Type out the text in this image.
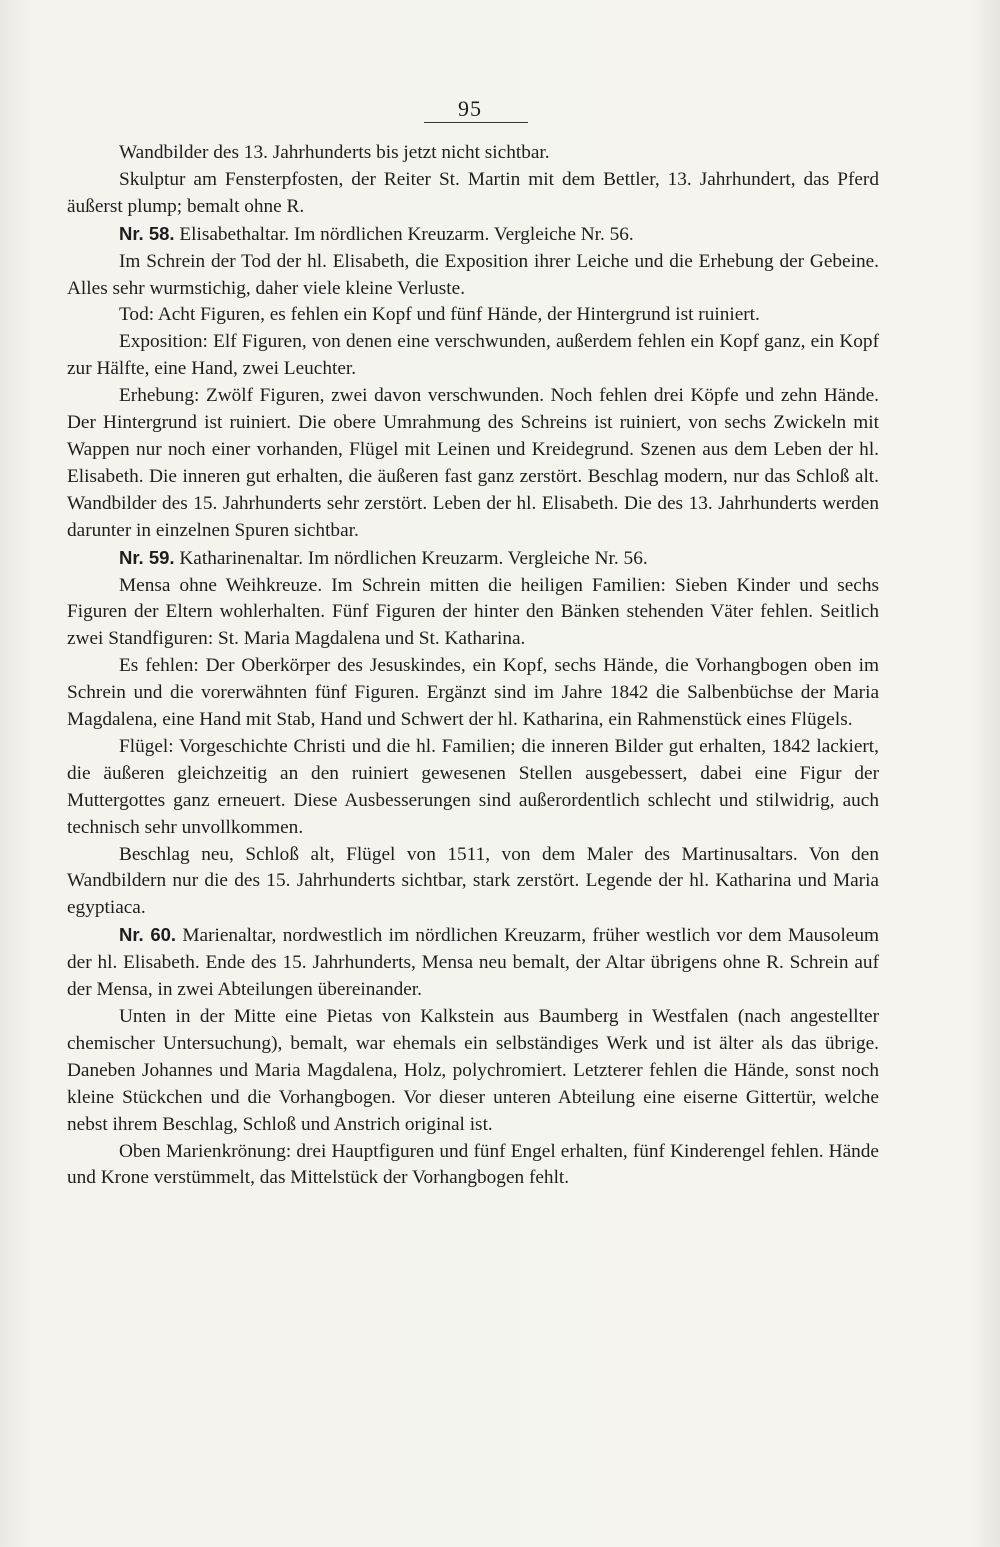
95

Wandbilder des 13. Jahrhunderts bis jetzt nicht sichtbar.

Skulptur am Fensterpfosten, der Reiter St. Martin mit dem Bettler, 13. Jahrhundert, das Pferd äußerst plump; bemalt ohne R.

Nr. 58. Elisabethaltar. Im nördlichen Kreuzarm. Vergleiche Nr. 56.

Im Schrein der Tod der hl. Elisabeth, die Exposition ihrer Leiche und die Erhebung der Gebeine. Alles sehr wurmstichig, daher viele kleine Verluste.

Tod: Acht Figuren, es fehlen ein Kopf und fünf Hände, der Hintergrund ist ruiniert.

Exposition: Elf Figuren, von denen eine verschwunden, außerdem fehlen ein Kopf ganz, ein Kopf zur Hälfte, eine Hand, zwei Leuchter.

Erhebung: Zwölf Figuren, zwei davon verschwunden. Noch fehlen drei Köpfe und zehn Hände. Der Hintergrund ist ruiniert. Die obere Umrahmung des Schreins ist ruiniert, von sechs Zwickeln mit Wappen nur noch einer vorhanden, Flügel mit Leinen und Kreidegrund. Szenen aus dem Leben der hl. Elisabeth. Die inneren gut erhalten, die äußeren fast ganz zerstört. Beschlag modern, nur das Schloß alt. Wandbilder des 15. Jahrhunderts sehr zerstört. Leben der hl. Elisabeth. Die des 13. Jahrhunderts werden darunter in einzelnen Spuren sichtbar.

Nr. 59. Katharinenaltar. Im nördlichen Kreuzarm. Vergleiche Nr. 56.

Mensa ohne Weihkreuze. Im Schrein mitten die heiligen Familien: Sieben Kinder und sechs Figuren der Eltern wohlerhalten. Fünf Figuren der hinter den Bänken stehenden Väter fehlen. Seitlich zwei Standfiguren: St. Maria Magdalena und St. Katharina.

Es fehlen: Der Oberkörper des Jesuskindes, ein Kopf, sechs Hände, die Vorhangbogen oben im Schrein und die vorerwähnten fünf Figuren. Ergänzt sind im Jahre 1842 die Salbenbüchse der Maria Magdalena, eine Hand mit Stab, Hand und Schwert der hl. Katharina, ein Rahmenstück eines Flügels.

Flügel: Vorgeschichte Christi und die hl. Familien; die inneren Bilder gut erhalten, 1842 lackiert, die äußeren gleichzeitig an den ruiniert gewesenen Stellen ausgebessert, dabei eine Figur der Muttergottes ganz erneuert. Diese Ausbesserungen sind außerordentlich schlecht und stilwidrig, auch technisch sehr unvollkommen.

Beschlag neu, Schloß alt, Flügel von 1511, von dem Maler des Martinusaltars. Von den Wandbildern nur die des 15. Jahrhunderts sichtbar, stark zerstört. Legende der hl. Katharina und Maria egyptiaca.

Nr. 60. Marienaltar, nordwestlich im nördlichen Kreuzarm, früher westlich vor dem Mausoleum der hl. Elisabeth. Ende des 15. Jahrhunderts, Mensa neu bemalt, der Altar übrigens ohne R. Schrein auf der Mensa, in zwei Abteilungen übereinander.

Unten in der Mitte eine Pietas von Kalkstein aus Baumberg in Westfalen (nach angestellter chemischer Untersuchung), bemalt, war ehemals ein selbständiges Werk und ist älter als das übrige. Daneben Johannes und Maria Magdalena, Holz, polychromiert. Letzterer fehlen die Hände, sonst noch kleine Stückchen und die Vorhangbogen. Vor dieser unteren Abteilung eine eiserne Gittertür, welche nebst ihrem Beschlag, Schloß und Anstrich original ist.

Oben Marienkrönung: drei Hauptfiguren und fünf Engel erhalten, fünf Kinderengel fehlen. Hände und Krone verstümmelt, das Mittelstück der Vorhangbogen fehlt.
